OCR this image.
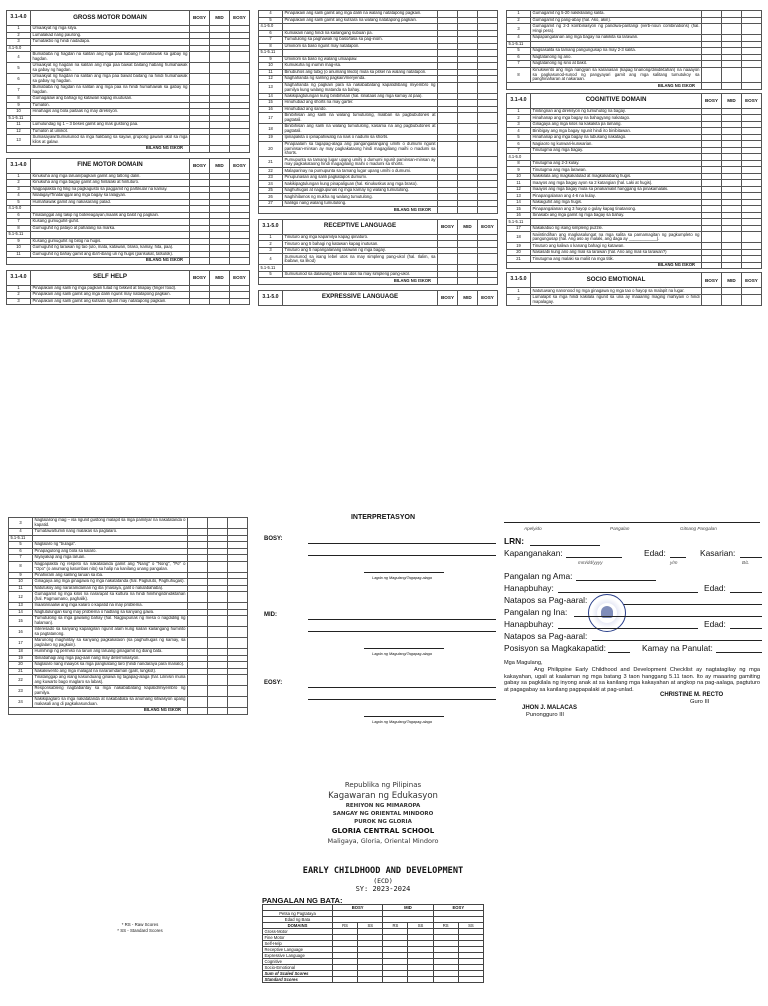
3.1-4.0	GROSS MOTOR DOMAIN	BOSY	MID	EOSY
1	Umaakyat ng mga silya.			
2	Lumalakad nang paurong.			
3	Tumatakbo ng hindi nadadapa.			
4.1-5.0				
4	Bumababa ng hagdan na salitan ang mga paa habang humahawak sa gabay ng hagdan.			
5	Umaakyat ng hagdan na salitan ang mga paa bawat baitang habang humahawak sa gabay ng hagdan.			
6	Umaakyat ng hagdan na salitan ang mga paa bawat baitang na hindi humahawak sa gabay ng hagdan.			
7	Bumababa ng hagdan na salitan ang mga paa na hindi humahawak sa gabay ng hagdan.			
8	Gumagalaw ang bahagi ng katawan kapag inuutusan.			
9	Tumalon.			
10	Hinahagis ang bola paitaas ng may direksyon.			
5.1-5.11				
11	Lumulundag ng 1 – 3 beses gamit ang mas gustong paa.			
12	Tumalon at umikot.			
13	Sumasayaw/Sumusunod sa mga hakbang sa sayaw, grupong gawain ukol sa mga kilos at galaw.			
BILANG NG ISKOR				
3.1-4.0	FINE MOTOR DOMAIN	BOSY	MID	EOSY
1	Kinukuha ang mga laruan/pagkain gamit ang tatlong daliri.			
2	Kinukuha ang mga bagay gamit ang hinlalaki at hintuturo.			
3	Nagpapakita ng hilig na pagkagusto sa paggamit ng partikular na kamay.			
4	Nilalagay/Tinatanggal ang mga bagay sa lalagyan.			
5	Humahawak gamit ang nakasarang palad.			
4.1-5.0				
6	Tinatanggal ang takip ng boteleagayan,maalis ang balot ng pagkain.			
7	Kusang gumuguhit-guhit.			
8	Gumuguhit ng patayo at pahalang na marka.			
5.1-5.11				
9	Kusang gumuguhit ng bilog na hugis.			
10	Gumuguhit ng larawan ng tao (ulo, mata, katawan, braso, kamay, hita, paa).			
11	Gumuguhit ng bahay gamit ang iba't-ibang uri ng hugis (parisukat, tatsulok).			
BILANG NG ISKOR				
3.1-4.0	SELF HELP	BOSY	MID	EOSY
1	Pinapakain ang sarili ng mga pagkain tulad ng biskwit at tinapay (finger food).			
2	Pinapakain ang sarili gamit ang mga daliri ngunit may natatapong pagkain.			
3	Pinapakain ang sarili gamit ang kutsara ngunit may natatapong pagkain.			

4	Pinapakain ang sarili gamit ang mga daliri na walang natatapong pagkain.			
5	Pinapakain ang sarili gamit ang kutsara na walang natatapong pagkain.			
4.1-5.0				
6	Kumakain nang hindi na kailangang subuan pa.			
7	Tumutulong sa paghawak ng baso/tasa sa pag-inom.			
8	Umiinom sa baso ngunit may natatapon.			
5.1-5.11				
9	Umiinom sa baso ng walang umaapaw.			
10	Kumukuha ng inumin mag-isa.			
11	Binubuhos ang tubig (o anumang likido) mula sa pitsel na walang natatapon.			
12	Naghahanda ng sariling pagkain/meryenda.			
13	Naghahanda ng pagkain para sa nakababatang kapatid/ibang miyembro ng pamilya kung walang matanda sa bahay.			
14	Nakikipagtulungan kung binibihisan (hal. itinataas ang mga kamay at paa).			
15	Hinuhubad ang shorts na may garter.			
16	Hinuhubad ang sando.			
17	Binibihisan ang sarili na walang tumutulong, maliban sa pagbubutones at pagtatali.			
18	Binibihisan ang sarili na walang tumutulong, kasama na ang pagbubutones at pagtatali.			
19	Ipinapakita o ipinapahiwatig na nais o nadumi sa shorts.			
20	Pinapaalam sa tagapag-alaga ang pangangailangang umihi o dumumi ngunit paminsan-minsan ay may pagkakataong hindi magagiliang maihi o madumi sa shorts.			
21	Pumupunta sa tamang lugar upang umihi o dumumi ngunit paminsan-minsan ay may pagkakataong hindi magagiliang maihi o madumi sa shorts.			
22	Malaparinay na pumupunta sa tamang lugar upang umihi o dumumi.			
23	Pinupunasan ang sarili pagkatapos dumumi.			
24	Nakikipagtulungan kung pinapaliguan (hal. Kinukuskus ang mga braso).			
25	Naghuhugas at nagpupunas ng mga kamay ng walang tumutulong.			
26	Naghihilamos ng mukha ng walang tumutulong.			
27	Naliligo nang walang tumutulong.			
BILANG NG ISKOR				
3.1-5.0	RECEPTIVE LANGUAGE	BOSY	MID	EOSY
1	Tinuturo ang mga kapamilya kapag ipinaturo.			
2	Tinuturo ang 5 bahagi ng katawan kapag inutusan.			
3	Tinuturo ang 5 napangalanang larawan ng mga bagay.			
4	Sumusunod sa isang lebel utos na may simpleng pang-ukol (hal. Ilalim, sa ibabaw, sa likod)			
5.1-5.11				
5	Sumusunod sa dalawang lebel na utos na may simpleng pang-ukol.			
BILANG NG ISKOR				
3.1-5.0	EXPRESSIVE LANGUAGE	BOSY	MID	EOSY

1	Gumagamit ng 5-20 nakikilalang salita.			
2	Gumagamit ng pang-abay (hal. Ako, akin).			
3	Gumagamit ng 2-3 kombinasyon ng pandiwa-pantangi (verb-noun combinations) (hal. Hingi pera).			
4	Napapangalanan ang mga bagay na nakikita sa larawan.			
5.1-5.11				
5	Nagsasalita sa tamang pangungusap na may 2-3 salita.			
6	Nagtatanong ng ano.			
7	Nagtatanong ng sino at bakit.			
8	Kinukwento ang mga nangyari sa karanasan (kapag tinanong/dinidiktahan) na naaayon sa pagkasunod-sunod ng pangyayari gamit ang mga salitang tumutukoy sa panghinaharan at nakaraan.			
BILANG NG ISKOR				
3.1-4.0	COGNITIVE DOMAIN	BOSY	MID	EOSY
1	Tinitingnan ang direksyon ng tumuhulog na bagay.			
2	Hinahanap ang mga bagay na bahagyang nakatago.			
3	Ginagaya ang mga kilos na kakakita pa lamang.			
4	Binibigay ang mga bagay ngunit hindi ito binibitawan.			
5	Hinahanap ang mga bagay na lubusang nakatago.			
6	Nagiaoro ng kunwari-kunwarian.			
7	Tinutugma ang mga bagay.			
4.1-5.0				
8	Tinutugma ang 2-3 kulay.			
9	Tinutugma ang mga larawan.			
10	Nakikilala ang magkakatulad at magkakaibang hugis.			
11	Inaayos ang mga bagay ayon sa 2 katangian (hal. Laki at hugis).			
12	Inaayos ang mga bagay mula sa pinakamaliit hanggang sa pinakamalaki.			
13	Pinapangalanan ang 4-6 na kulay.			
14	Nakaiguhit ang mga hugis.			
15	Pinapangalanan ang 3 hayop o gulay kapag tinatanong.			
16	Sinasabi ang mga gamit ng mga bagay sa bahay.			
5.1-5.11				
17	Nakakabuo ng isang simpleng puzzle.			
18	Naiintindihan ang magkasalungat na mga salita sa pamamagitan ng pagkumpleto ng pangungusap (hal. Ang aso ay malaki, ang daga ay ____________).			
19	Tinuturo ang kaliwa o kanang bahagi ng katawan.			
20	Nasasabi kung ano ang mali sa larawan (hal. Ano ang mali sa larawan?)			
21	Tinutugma ang malaki sa maliit na mga titik.			
BILANG NG ISKOR				
3.1-5.0	SOCIO EMOTIONAL	BOSY	MID	EOSY
1	Natutuwang nanonood ng mga ginagawa ng mga tao o hayop sa malapit na lugar.			
2	Lumalapit sa mga hindi kakilala ngunit sa una ay maaaring maging mahiyain o hindi mapalagay.			

3	Naglalarong mag – isa ngunit gustong malapit sa mga pamilyar na nakatatanda o kapatid.			
4	Tumatawa/tumili nang malakas sa paglalaro.			
5.1-5.11				
5	Naglalaro ng "bulaga".			
6	Pinapagulong ang bola sa kalaro.			
7	Niyayakap ang mga laruan.			
8	Nagpapakita ng respeto sa nakatatanda gamit ang "Nang" o "Nong", "Po" o "Opo" (o anumang katumbas nito) sa halip na kanilang unang pangalan.			
9	Pinahiiram ang sariling laruan sa iba.			
10	Ginagaya ang mga ginagawa ng mga nakatatanda (hal. Pagluluto, Paghuhugas).			
11	Natutukoy ang nararamdaman ng iba (masaya, galit o nalulabahaba).			
12	Gumagamit ng mga kilos na nararapat sa kultura na hindi hinihingi/dinidiktahan (hal. Pagmamano, paghalik).			
13	Inaalo/inaaliw ang mga kalaro o kapatid na may problema.			
14	Nagtutulungan kung may problema o hadlang sa kanyang gawa.			
15	Tumutulong sa mga gawaing bahay (hal. Nagpupunas ng mesa o nagdidilig ng halaman).			
16	Interesado sa kanyang kapaligiran ngunit alam kung kailan kailangang huminto sa pagtatanong.			
17	Marunong maghintay sa kanyang pagkakataon (sa paghuhugas ng kamay, sa paglalaro ng pagkain).			
18	Humihingi ng permiso na laruin ang laruang ginagamit ng ibang bata.			
19	Ibinabahagi ang mga pag-aari nang may determinasyon.			
20	Naglalaro nang maayos sa mga pangkatang laro (hindi nandaraya para manalo).			
21	Nakakiwento ang mga malagat na nararamdaman (galit, lungkot).			
22	Tinatanggap ang isang kasunduang ginawa ng tagapag-alaga (hal. Lilinisin muna ang kuwarto bago maglaro sa labas).			
23	Responsableng nagbabantay sa mga nakababatang kapatid/miyembro ng pamilya.			
24	Nakikipaglaro sa mga nakatatanda at nakababata sa anumang sitwasyon upang makasali ang di pagkakasunduan.			
BILANG NG ISKOR				
* RS - Raw Scores
* SS - Standard Scores
INTERPRETASYON
BOSY:
Lagda ng Magulang/Tagapag-alaga
MID:
Lagda ng Magulang/Tagapag-alaga
EOSY:
Lagda ng Magulang/Tagapag-alaga
Republika ng Pilipinas
Kagawaran ng Edukasyon
REHIYON NG MIMAROPA
SANGAY NG ORIENTAL MINDORO
PUROK NG GLORIA
GLORIA CENTRAL SCHOOL
Maligaya, Gloria, Oriental Mindoro
EARLY CHILDHOOD AND DEVELOPMENT
(ECD)
SY: 2023-2024
PANGALAN NG BATA:
	BOSY		MID		EOSY	
Petsa ng Pagtataya						
Edad ng Bata						
DOMAINS	RS	SS	RS	SS	RS	SS
Gross-Motor						
Fine Motor						
Self-Help						
Receptive Language						
Expressive Language						
Cognitive						
Socio-Emotional						
Sum of Scaled Scores						
Standard Scores						
Apelyido	Pangalan	Gitnang Pangalan
LRN:
Kapanganakan:	Edad:	Kasarian:
mm/dd/yyyy	y/m	B/L
Pangalan ng Ama:
Hanapbuhay:	Edad:
Natapos sa Pag-aaral:
Pangalan ng Ina:
Hanapbuhay:	Edad:
Natapos sa Pag-aaral:
Posisyon sa Magkakapatid:	Kamay na Panulat:
Mga Magulang,
Ang Philippine Early Childhood and Development Checklist ay nagtatagilay ng mga kakayahan, ugali at kaalaman ng mga batang 3 taon hanggang 5.11 taon. Ito ay maaaring gamiting gabay sa pagkilala ng inyong anak at sa kanilang mga kakayahan at angkop na pag-aalaga, pagtuturo at pagagabay sa kanilang pagpapalaki at pag-unlad.
CHRISTINE M. RECTO
Guro III
JHON J. MALACAS
Punongguro III
